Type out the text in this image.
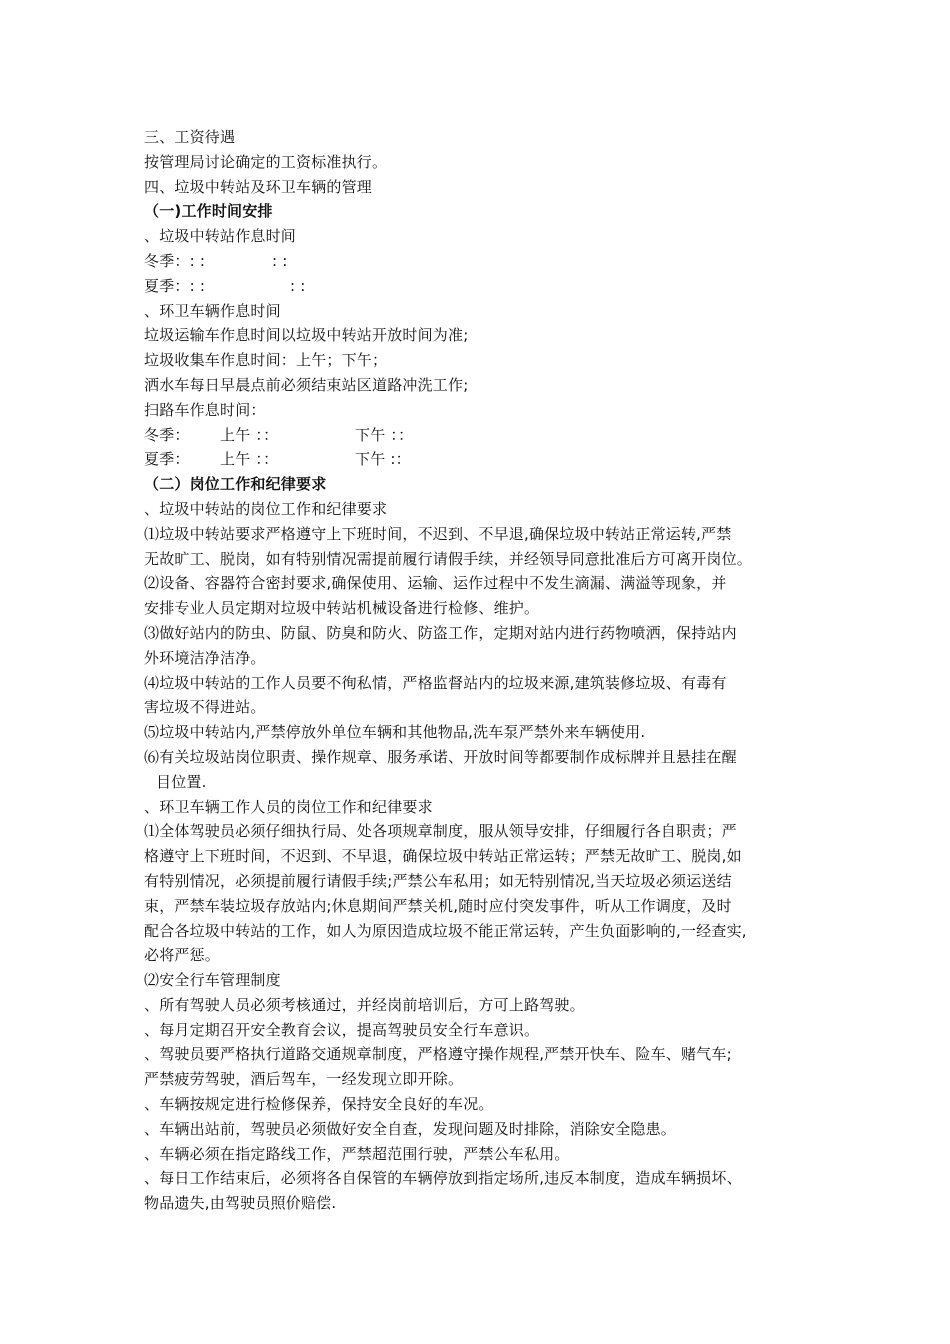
三、工资待遇
按管理局讨论确定的工资标准执行。
四、垃圾中转站及环卫车辆的管理
（一)工作时间安排
、垃圾中转站作息时间
冬季：: :	: :
夏季：: :	: :
、环卫车辆作息时间
垃圾运输车作息时间以垃圾中转站开放时间为准;
垃圾收集车作息时间：上午；下午；
洒水车每日早晨点前必须结束站区道路冲洗工作;
扫路车作息时间：
冬季： 上午 ：：	下午 ：：
夏季： 上午 ：：	下午 :：
（二）岗位工作和纪律要求
、垃圾中转站的岗位工作和纪律要求
⑴垃圾中转站要求严格遵守上下班时间，不迟到、不早退,确保垃圾中转站正常运转,严禁
无故旷工、脱岗，如有特别情况需提前履行请假手续，并经领导同意批准后方可离开岗位。
⑵设备、容器符合密封要求,确保使用、运输、运作过程中不发生滴漏、满溢等现象，并
安排专业人员定期对垃圾中转站机械设备进行检修、维护。
⑶做好站内的防虫、防鼠、防臭和防火、防盗工作，定期对站内进行药物喷洒，保持站内
外环境洁净洁净。
⑷垃圾中转站的工作人员要不徇私情，严格监督站内的垃圾来源,建筑装修垃圾、有毒有
害垃圾不得进站。
⑸垃圾中转站内,严禁停放外单位车辆和其他物品,洗车泵严禁外来车辆使用.
⑹有关垃圾站岗位职责、操作规章、服务承诺、开放时间等都要制作成标牌并且悬挂在醒
目位置.
、环卫车辆工作人员的岗位工作和纪律要求
⑴全体驾驶员必须仔细执行局、处各项规章制度，服从领导安排，仔细履行各自职责；严
格遵守上下班时间，不迟到、不早退，确保垃圾中转站正常运转；严禁无故旷工、脱岗,如
有特别情况，必须提前履行请假手续;严禁公车私用；如无特别情况,当天垃圾必须运送结
束，严禁车装垃圾存放站内;休息期间严禁关机,随时应付突发事件，听从工作调度，及时
配合各垃圾中转站的工作，如人为原因造成垃圾不能正常运转，产生负面影响的,一经查实,
必将严惩。
⑵安全行车管理制度
、所有驾驶人员必须考核通过，并经岗前培训后，方可上路驾驶。
、每月定期召开安全教育会议，提高驾驶员安全行车意识。
、驾驶员要严格执行道路交通规章制度，严格遵守操作规程,严禁开快车、险车、赌气车;
严禁疲劳驾驶，酒后驾车，一经发现立即开除。
、车辆按规定进行检修保养，保持安全良好的车况。
、车辆出站前，驾驶员必须做好安全自查，发现问题及时排除，消除安全隐患。
、车辆必须在指定路线工作，严禁超范围行驶，严禁公车私用。
、每日工作结束后，必须将各自保管的车辆停放到指定场所,违反本制度，造成车辆损坏、
物品遗失,由驾驶员照价赔偿.
